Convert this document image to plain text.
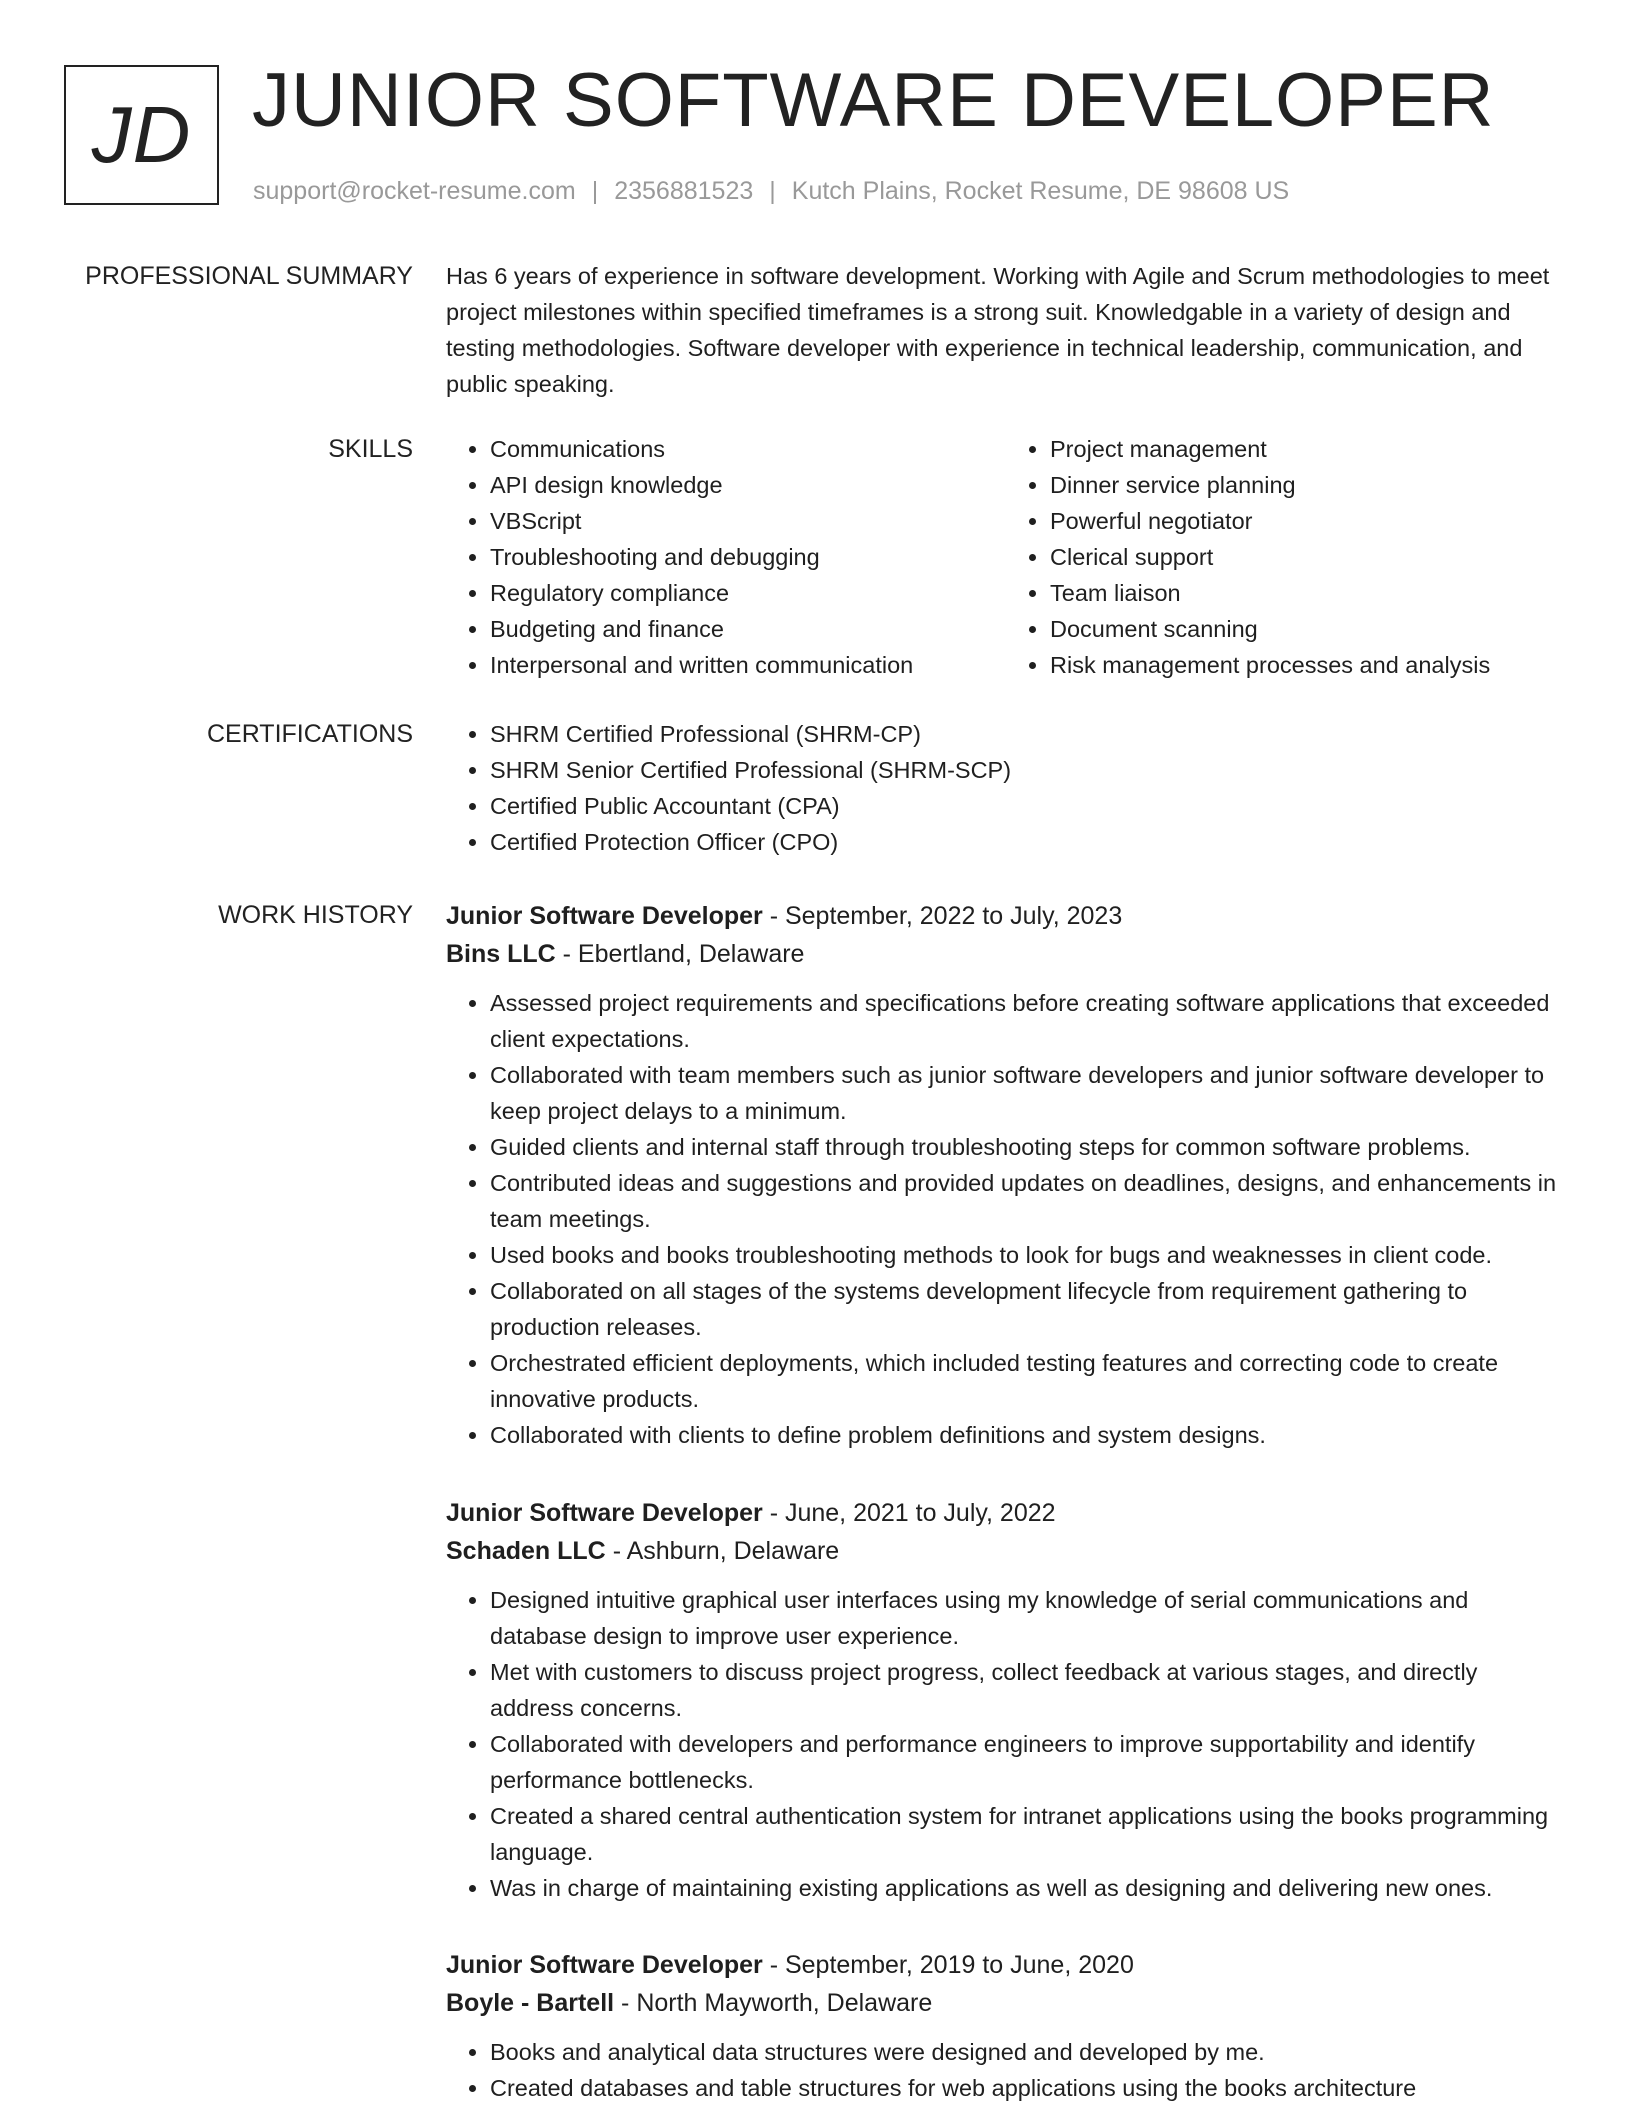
JD JUNIOR SOFTWARE DEVELOPER
support@rocket-resume.com | 2356881523 | Kutch Plains, Rocket Resume, DE 98608 US
PROFESSIONAL SUMMARY Has 6 years of experience in software development. Working with Agile and Scrum methodologies to meet project milestones within specified timeframes is a strong suit. Knowledgable in a variety of design and testing methodologies. Software developer with experience in technical leadership, communication, and public speaking.

SKILLS	• Communications
• API design knowledge
• VBScript
• Troubleshooting and debugging
• Regulatory compliance
• Budgeting and finance
• Interpersonal and written communication
• Project management
• Dinner service planning
• Powerful negotiator
• Clerical support
• Team liaison
• Document scanning
• Risk management processes and analysis
CERTIFICATIONS	• SHRM Certified Professional (SHRM-CP)
• SHRM Senior Certified Professional (SHRM-SCP)
• Certified Public Accountant (CPA)
• Certified Protection Officer (CPO)
WORK HISTORY Junior Software Developer - September, 2022 to July, 2023
Bins LLC - Ebertland, Delaware
• Assessed project requirements and specifications before creating software applications that exceeded client expectations.
• Collaborated with team members such as junior software developers and junior software developer to keep project delays to a minimum.
• Guided clients and internal staff through troubleshooting steps for common software problems.
• Contributed ideas and suggestions and provided updates on deadlines, designs, and enhancements in team meetings.
• Used books and books troubleshooting methods to look for bugs and weaknesses in client code.
• Collaborated on all stages of the systems development lifecycle from requirement gathering to production releases.
• Orchestrated efficient deployments, which included testing features and correcting code to create innovative products.
• Collaborated with clients to define problem definitions and system designs.
Junior Software Developer - June, 2021 to July, 2022
Schaden LLC - Ashburn, Delaware
• Designed intuitive graphical user interfaces using my knowledge of serial communications and database design to improve user experience.
• Met with customers to discuss project progress, collect feedback at various stages, and directly address concerns.
• Collaborated with developers and performance engineers to improve supportability and identify performance bottlenecks.
• Created a shared central authentication system for intranet applications using the books programming language.
• Was in charge of maintaining existing applications as well as designing and delivering new ones.
Junior Software Developer - September, 2019 to June, 2020
Boyle - Bartell - North Mayworth, Delaware
• Books and analytical data structures were designed and developed by me.
• Created databases and table structures for web applications using the books architecture
